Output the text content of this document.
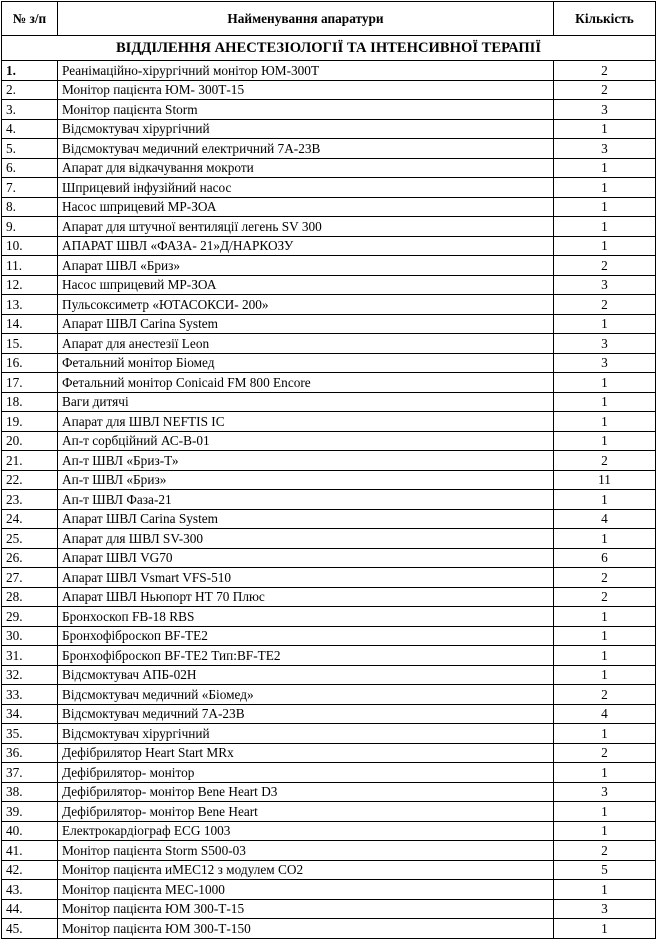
№ з/п	Найменування апаратури	Кількість
ВІДДІЛЕННЯ АНЕСТЕЗІОЛОГІЇ ТА ІНТЕНСИВНОЇ ТЕРАПІЇ		
1.	Реанімаційно-хірургічний монітор ЮМ-300Т	2
2.	Монітор пацієнта ЮМ- 300Т-15	2
3.	Монітор пацієнта Storm	3
4.	Відсмоктувач хірургічний	1
5.	Відсмоктувач медичний електричний 7А-23В	3
6.	Апарат для відкачування мокроти	1
7.	Шприцевий інфузійний насос	1
8.	Насос шприцевий МР-ЗОА	1
9.	Апарат для штучної вентиляції легень SV 300	1
10.	АПАРАТ ШВЛ «ФАЗА- 21»Д/НАРКОЗУ	1
11.	Апарат ШВЛ «Бриз»	2
12.	Насос шприцевий МР-ЗОА	3
13.	Пульсоксиметр «ЮТАСОКСИ- 200»	2
14.	Апарат ШВЛ Carina System	1
15.	Апарат для анестезії Leon	3
16.	Фетальний монітор Біомед	3
17.	Фетальний монітор Conicaid FM 800 Encore	1
18.	Ваги дитячі	1
19.	Апарат для ШВЛ NEFTIS IC	1
20.	Ап-т сорбційний АС-В-01	1
21.	Ап-т ШВЛ «Бриз-Т»	2
22.	Ап-т ШВЛ «Бриз»	11
23.	Ап-т ШВЛ Фаза-21	1
24.	Апарат ШВЛ Carina System	4
25.	Апарат для ШВЛ SV-300	1
26.	Апарат ШВЛ VG70	6
27.	Апарат ШВЛ Vsmart VFS-510	2
28.	Апарат ШВЛ Ньюпорт НТ 70 Плюс	2
29.	Бронхоскоп FB-18 RBS	1
30.	Бронхофіброскоп BF-TE2	1
31.	Бронхофіброскоп BF-TE2 Тип:BF-TE2	1
32.	Відсмоктувач АПБ-02Н	1
33.	Відсмоктувач медичний «Біомед»	2
34.	Відсмоктувач медичний 7А-23В	4
35.	Відсмоктувач хірургічний	1
36.	Дефібрилятор Heart Start MRx	2
37.	Дефібрилятор- монітор	1
38.	Дефібрилятор- монітор Bene Heart D3	3
39.	Дефібрилятор- монітор Bene Heart	1
40.	Електрокардіограф ECG 1003	1
41.	Монітор пацієнта Storm S500-03	2
42.	Монітор пацієнта иМЕС12 з модулем СО2	5
43.	Монітор пацієнта МЕС-1000	1
44.	Монітор пацієнта ЮМ 300-Т-15	3
45.	Монітор пацієнта ЮМ 300-Т-150	1
